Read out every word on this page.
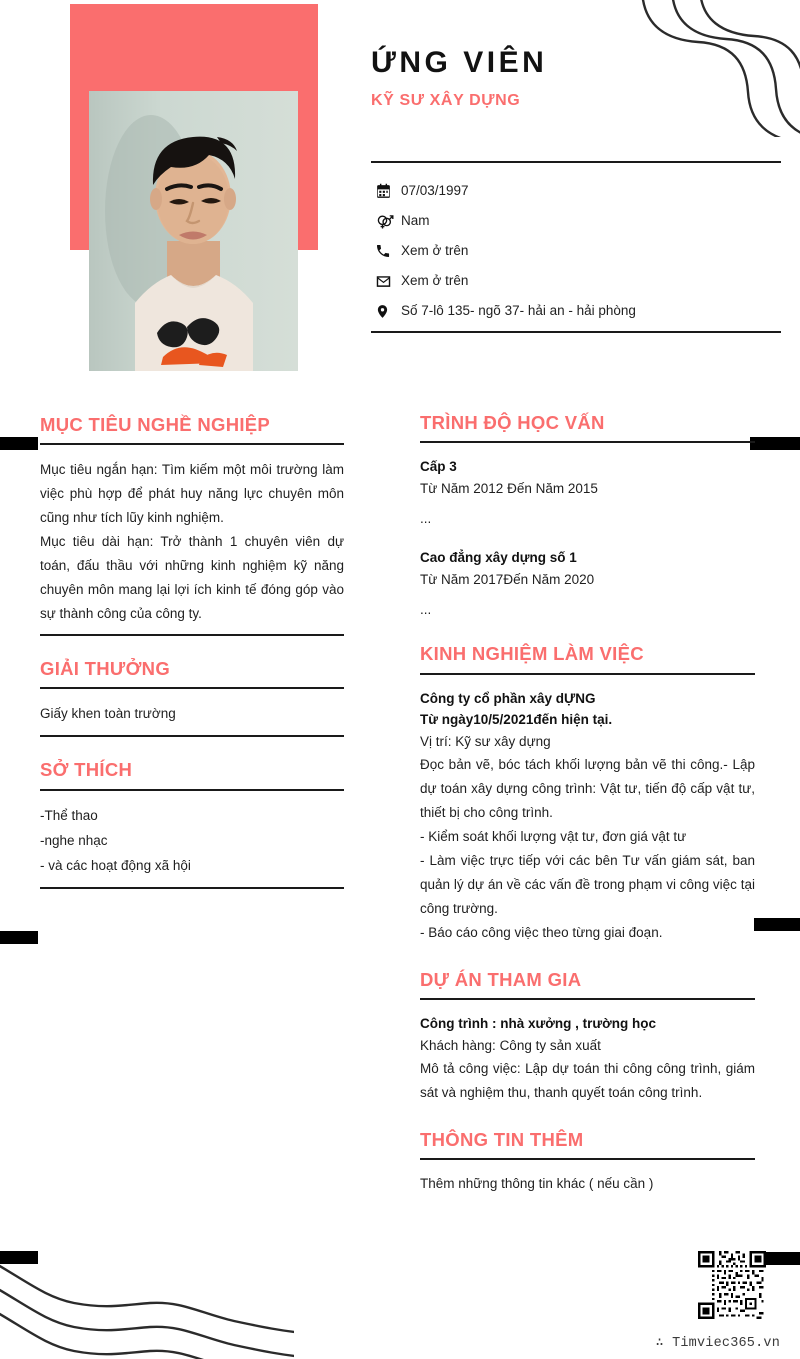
ỨNG VIÊN
KỸ SƯ XÂY DỰNG
07/03/1997
Nam
Xem ở trên
Xem ở trên
Số 7-lô 135- ngõ 37- hải an - hải phòng
MỤC TIÊU NGHỀ NGHIỆP

Mục tiêu ngắn hạn: Tìm kiếm một môi trường làm việc phù hợp để phát huy năng lực chuyên môn cũng như tích lũy kinh nghiệm.

Mục tiêu dài hạn: Trở thành 1 chuyên viên dự toán, đấu thầu với những kinh nghiệm kỹ năng chuyên môn mang lại lợi ích kinh tế đóng góp vào sự thành công của công ty.

GIẢI THƯỞNG

Giấy khen toàn trường

SỞ THÍCH

-Thể thao

-nghe nhạc

- và các hoạt động xã hội

TRÌNH ĐỘ HỌC VẤN

Cấp 3

Từ Năm 2012 Đến Năm 2015

...

Cao đẳng xây dựng số 1

Từ Năm 2017Đến Năm 2020

...

KINH NGHIỆM LÀM VIỆC

Công ty cổ phần xây dỰNG

Từ ngày10/5/2021đến hiện tại.

Vị trí: Kỹ sư xây dựng

Đọc bản vẽ, bóc tách khối lượng bản vẽ thi công.- Lập dự toán xây dựng công trình: Vật tư, tiến độ cấp vật tư, thiết bị cho công trình.

- Kiểm soát khối lượng vật tư, đơn giá vật tư

- Làm việc trực tiếp với các bên Tư vấn giám sát, ban quản lý dự án về các vấn đề trong phạm vi công việc tại công trường.

- Báo cáo công việc theo từng giai đoạn.

DỰ ÁN THAM GIA

Công trình : nhà xưởng , trường học

Khách hàng: Công ty sản xuất

Mô tả công việc: Lập dự toán thi công công trình, giám sát và nghiệm thu, thanh quyết toán công trình.

THÔNG TIN THÊM

Thêm những thông tin khác ( nếu cần )

∴ Timviec365.vn
